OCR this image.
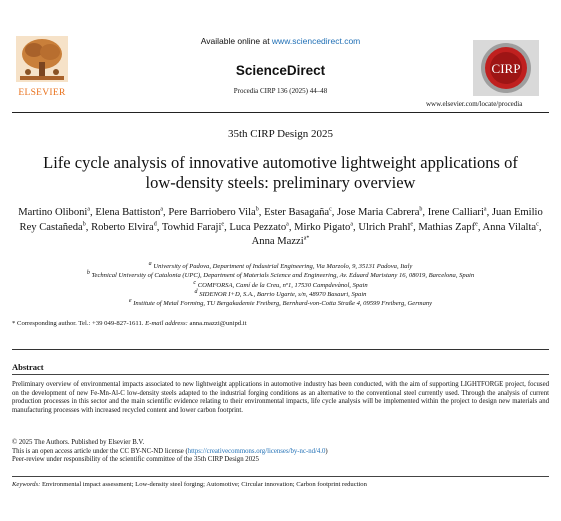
ELSEVIER
Available online at www.sciencedirect.com
ScienceDirect
Procedia CIRP 136 (2025) 44–48
CIRP
www.elsevier.com/locate/procedia
35th CIRP Design 2025
Life cycle analysis of innovative automotive lightweight applications of
low-density steels: preliminary overview
Martino Oliboni$^a$, Elena Battiston$^a$, Pere Barriobero Vila$^b$, Ester Basagaña$^c$, Jose Maria Cabrera$^b$, Irene Calliari$^a$, Juan Emilio Rey Castañeda$^b$, Roberto Elvira$^d$, Towhid Faraji$^e$, Luca Pezzato$^a$, Mirko Pigato$^a$, Ulrich Prahl$^e$, Mathias Zapf$^e$, Anna Vilalta$^c$, Anna Mazzi$^{a*}$
$^a$ University of Padova, Department of Industrial Engineering, Via Marzolo, 9, 35131 Padova, Italy
$^b$ Technical University of Catalonia (UPC), Department of Materials Science and Engineering, Av. Eduard Maristany 16, 08019, Barcelona, Spain
$^c$ COMFORSA, Camí de la Creu, nº1, 17530 Campdevànol, Spain
$^d$ SIDENOR I+D, S.A., Barrio Ugarte, s/n, 48970 Basauri, Spain
$^e$ Institute of Metal Forming, TU Bergakademie Freiberg, Bernhard-von-Cotta Straße 4, 09599 Freiberg, Germany
* Corresponding author. Tel.: +39 049-827-1611. E-mail address: anna.mazzi@unipd.it
Abstract
Preliminary overview of environmental impacts associated to new lightweight applications in automotive industry has been conducted, with the aim of supporting LIGHTFORGE project, focused on the development of new Fe-Mn-Al-C low-density steels adapted to the industrial forging conditions as an alternative to the conventional steel currently used. Through the analysis of current production processes in this sector and the main scientific evidence relating to their environmental impacts, life cycle analysis will be implemented within the project to design new materials and manufacturing processes with increased recycled content and lower carbon footprint.
© 2025 The Authors. Published by Elsevier B.V.
This is an open access article under the CC BY-NC-ND license (https://creativecommons.org/licenses/by-nc-nd/4.0)
Peer-review under responsibility of the scientific committee of the 35th CIRP Design 2025
Keywords: Environmental impact assessment; Low-density steel forging; Automotive; Circular innovation; Carbon footprint reduction
